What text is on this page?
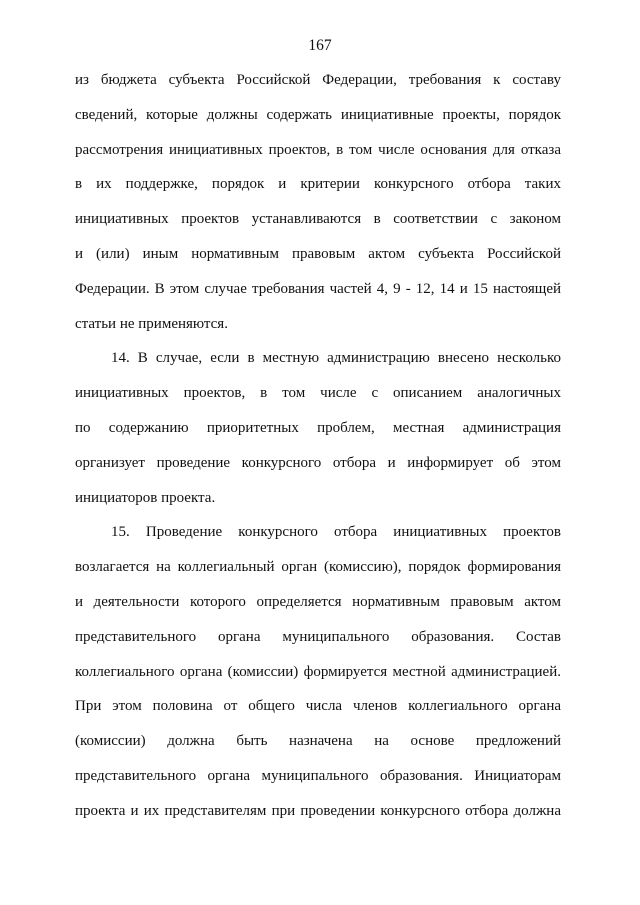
167
из бюджета субъекта Российской Федерации, требования к составу
сведений, которые должны содержать инициативные проекты, порядок
рассмотрения инициативных проектов, в том числе основания для отказа
в их поддержке, порядок и критерии конкурсного отбора таких
инициативных проектов устанавливаются в соответствии с законом
и (или) иным нормативным правовым актом субъекта Российской
Федерации. В этом случае требования частей 4, 9 - 12, 14 и 15 настоящей
статьи не применяются.
14. В случае, если в местную администрацию внесено несколько
инициативных проектов, в том числе с описанием аналогичных
по содержанию приоритетных проблем, местная администрация
организует проведение конкурсного отбора и информирует об этом
инициаторов проекта.
15. Проведение конкурсного отбора инициативных проектов
возлагается на коллегиальный орган (комиссию), порядок формирования
и деятельности которого определяется нормативным правовым актом
представительного органа муниципального образования. Состав
коллегиального органа (комиссии) формируется местной администрацией.
При этом половина от общего числа членов коллегиального органа
(комиссии) должна быть назначена на основе предложений
представительного органа муниципального образования. Инициаторам
проекта и их представителям при проведении конкурсного отбора должна
